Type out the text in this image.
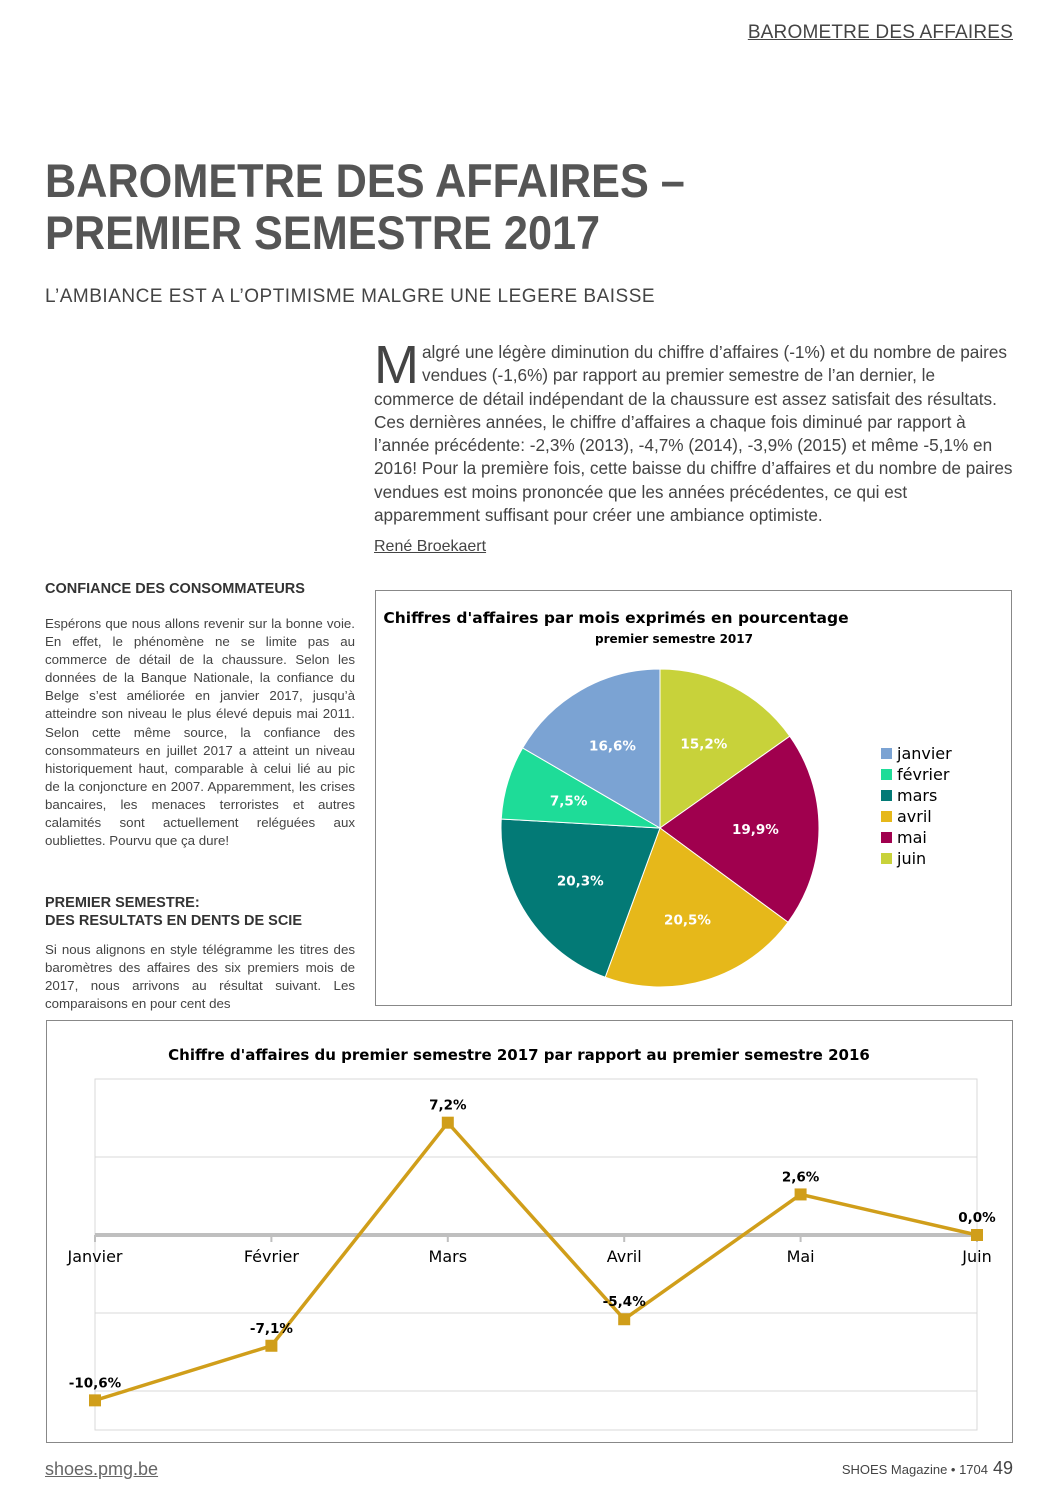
BAROMETRE DES AFFAIRES
BAROMETRE DES AFFAIRES – PREMIER SEMESTRE 2017
L’AMBIANCE EST A L’OPTIMISME MALGRE UNE LEGERE BAISSE

Malgré une légère diminution du chiffre d’affaires (-1%) et du nombre de paires vendues (-1,6%) par rapport au premier semestre de l’an dernier, le commerce de détail indépendant de la chaussure est assez satisfait des résultats. Ces dernières années, le chiffre d’affaires a chaque fois diminué par rapport à l’année précédente: -2,3% (2013), -4,7% (2014), -3,9% (2015) et même -5,1% en 2016! Pour la première fois, cette baisse du chiffre d’affaires et du nombre de paires vendues est moins prononcée que les années précédentes, ce qui est apparemment suffisant pour créer une ambiance optimiste.

René Broekaert
CONFIANCE DES CONSOMMATEURS

Espérons que nous allons revenir sur la bonne voie. En effet, le phénomène ne se limite pas au commerce de détail de la chaussure. Selon les données de la Banque Nationale, la confiance du Belge s’est améliorée en janvier 2017, jusqu’à atteindre son niveau le plus élevé depuis mai 2011. Selon cette même source, la confiance des consommateurs en juillet 2017 a atteint un niveau historiquement haut, comparable à celui lié au pic de la conjoncture en 2007. Apparemment, les crises bancaires, les menaces terroristes et autres calamités sont actuellement reléguées aux oubliettes. Pourvu que ça dure!

PREMIER SEMESTRE:
DES RESULTATS EN DENTS DE SCIE

Si nous alignons en style télégramme les titres des baromètres des affaires des six premiers mois de 2017, nous arrivons au résultat suivant. Les comparaisons en pour cent des

Chiffres d'affaires par mois exprimés en pourcentage
premier semestre 2017
15,2%
19,9%
20,5%
20,3%
7,5%
16,6%	janvier
février
mars
avril
mai
juin
Chiffre d'affaires du premier semestre 2017 par rapport au premier semestre 2016
Janvier	Février	Mars	Avril	Mai	Juin
-10,6%
-7,1%
7,2%
-5,4%
2,6%
0,0%
shoes.pmg.be	SHOES Magazine • 1704 49
